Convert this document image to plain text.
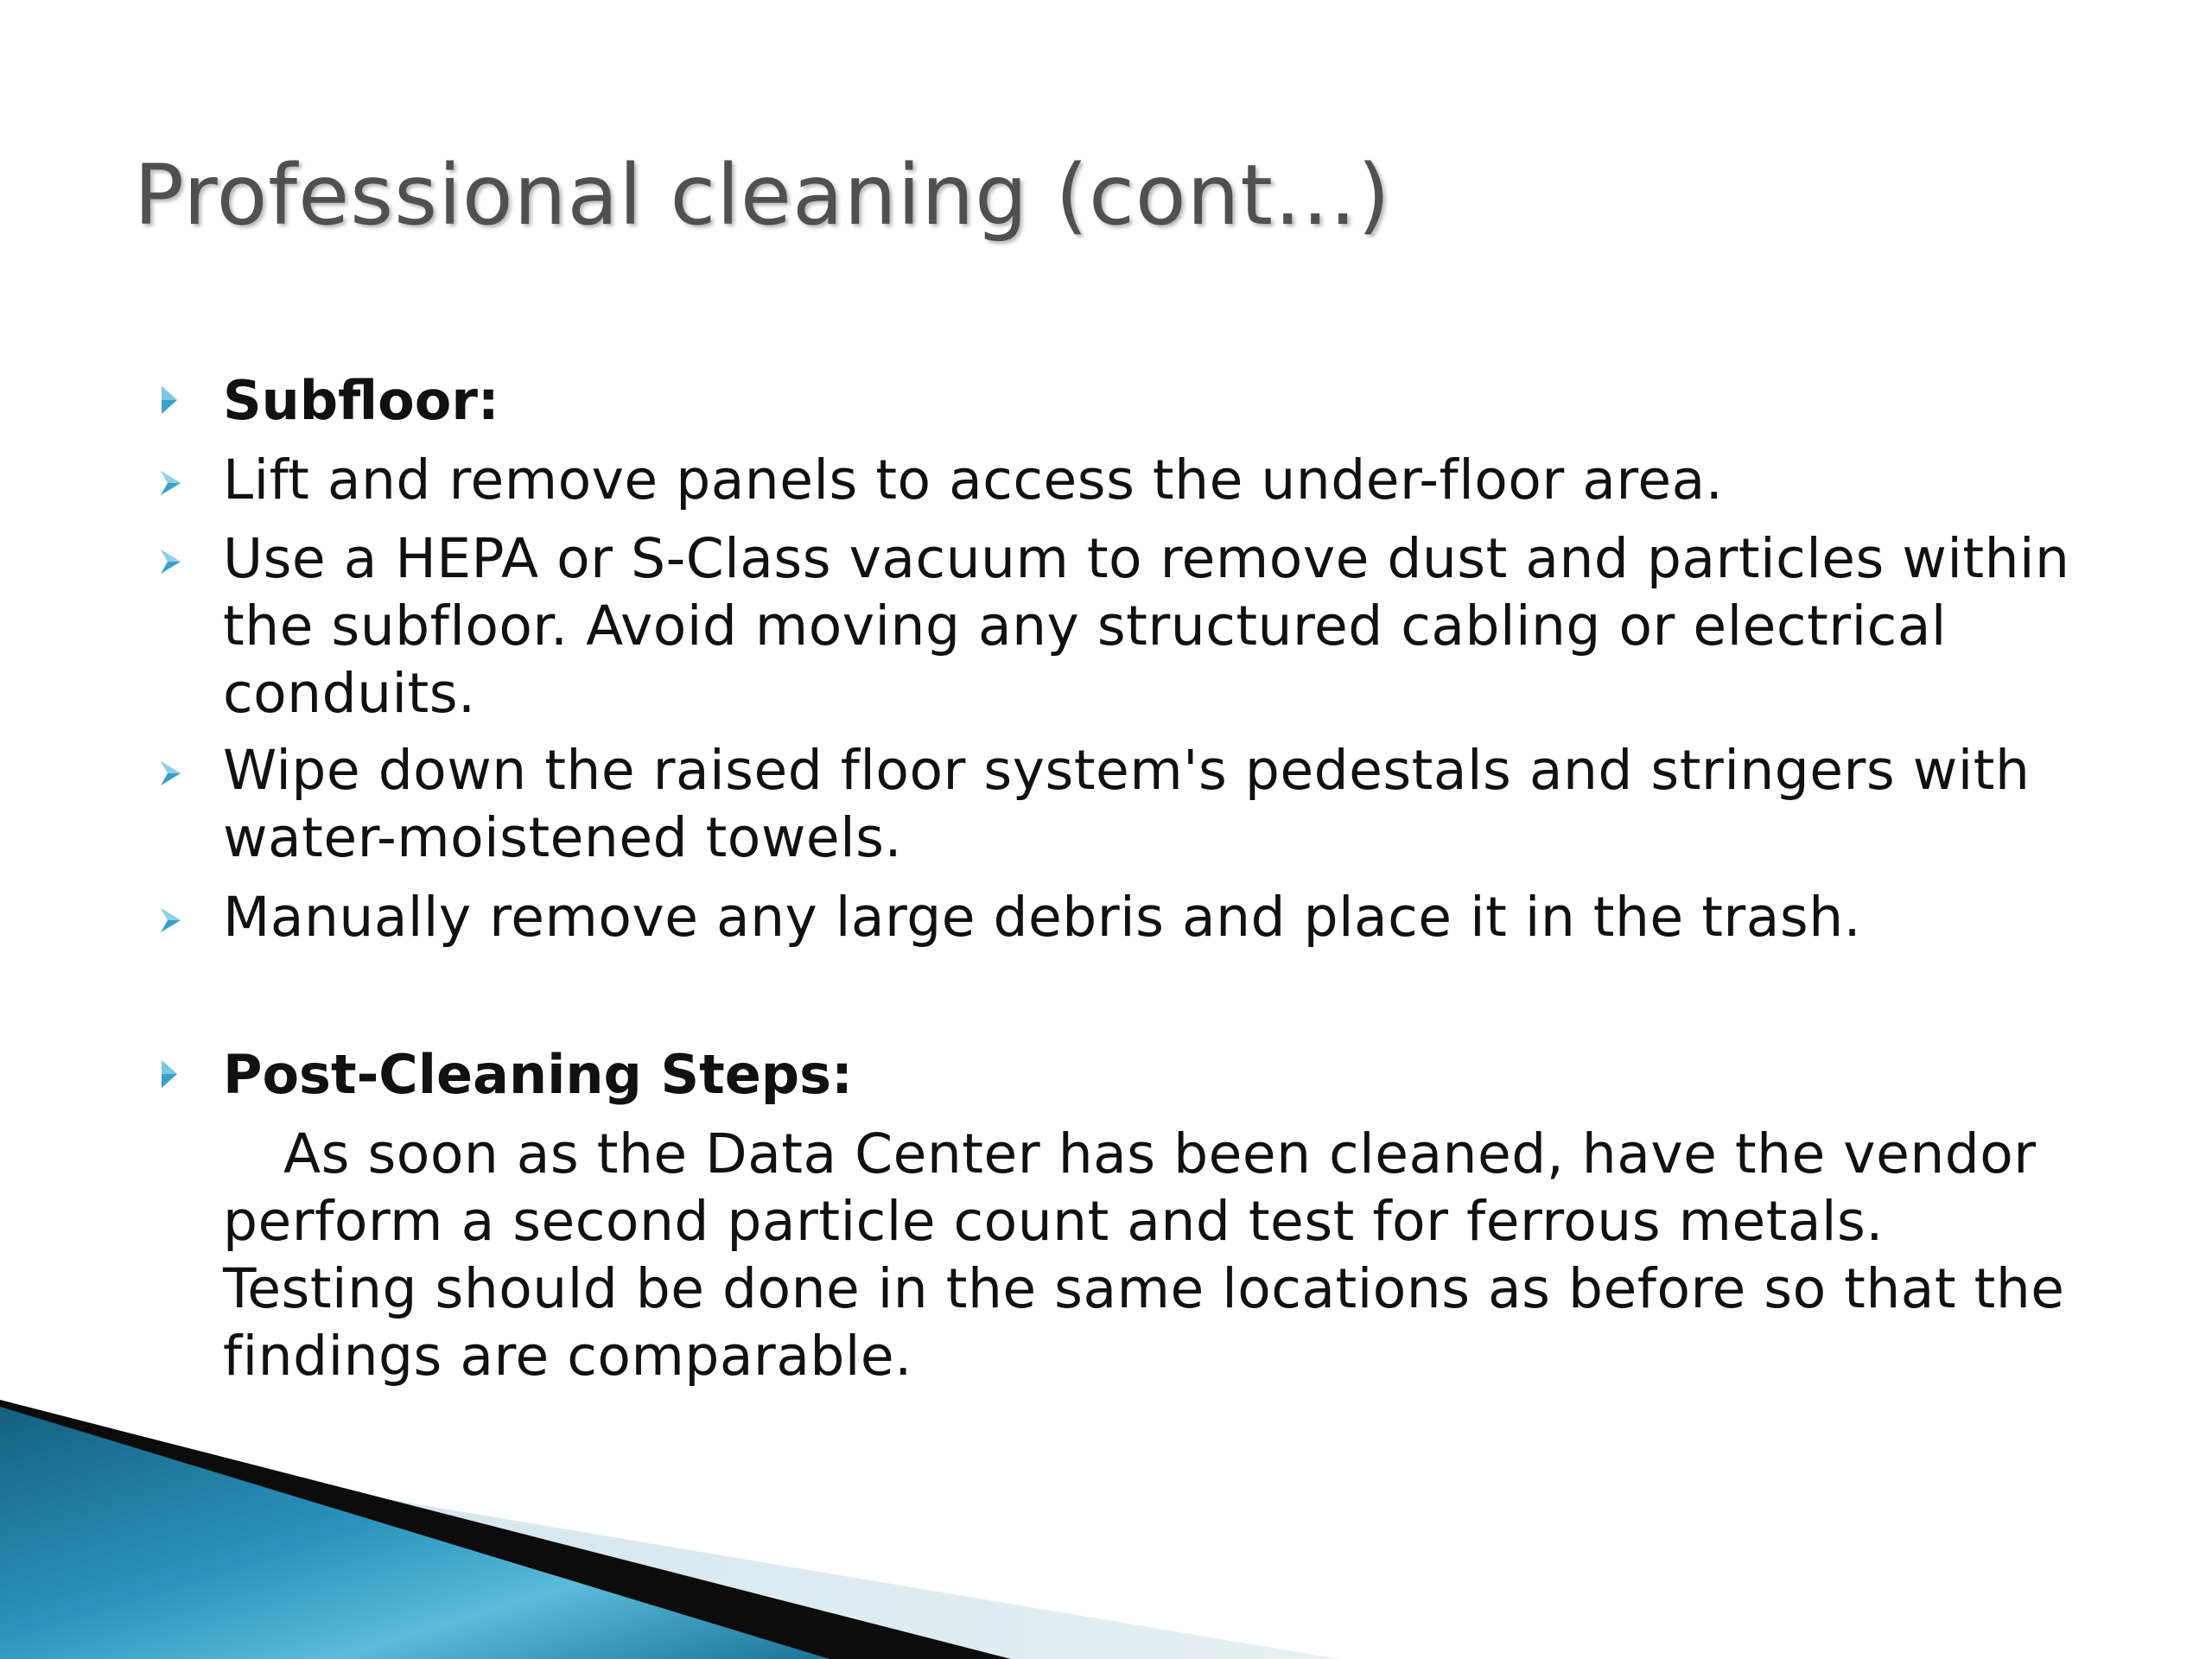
Professional cleaning (cont…)
Subfloor:
Lift and remove panels to access the under-floor area.
Use a HEPA or S-Class vacuum to remove dust and particles within the subfloor. Avoid moving any structured cabling or electrical conduits.
Wipe down the raised floor system's pedestals and stringers with water-moistened towels.
Manually remove any large debris and place it in the trash.
Post-Cleaning Steps:
As soon as the Data Center has been cleaned, have the vendor perform a second particle count and test for ferrous metals. Testing should be done in the same locations as before so that the findings are comparable.
